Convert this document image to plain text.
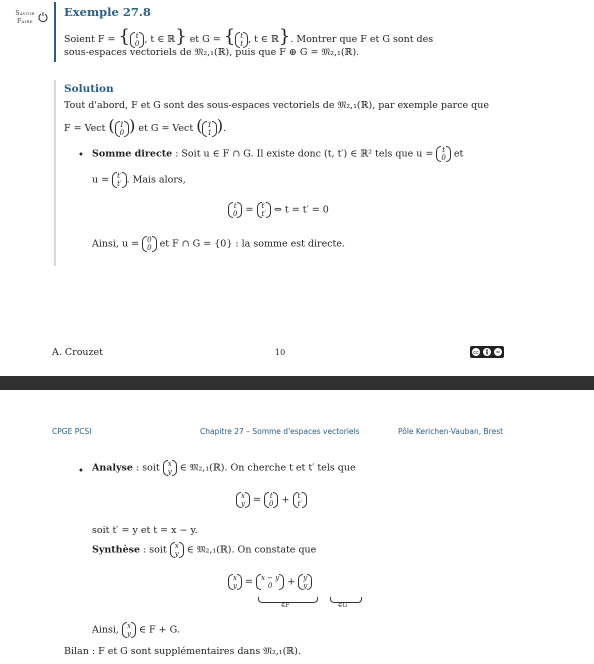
Savoir
Faire
Exemple 27.8
Soient F = { t
0 , t ∈ ℝ} et G = { t
t , t ∈ ℝ}. Montrer que F et G sont des
sous-espaces vectoriels de 𝔐₂,₁(ℝ), puis que F ⊕ G = 𝔐₂,₁(ℝ).
Solution
Tout d'abord, F et G sont des sous-espaces vectoriels de 𝔐₂,₁(ℝ), par exemple parce que
F = Vect ( 1
0 ) et G = Vect ( 1
1 ).
• Somme directe : Soit u ∈ F ∩ G. Il existe donc (t, t′) ∈ ℝ² tels que u = t
0 et
u = t′
t′ . Mais alors,
t
0 = t′
t′ ⇔ t = t′ = 0
Ainsi, u = 0
0 et F ∩ G = {0} : la somme est directe.
A. Crouzet	10	cc	=
CPGE PCSI	Chapitre 27 – Somme d'espaces vectoriels	Pôle Kerichen-Vauban, Brest
• Analyse : soit x
y ∈ 𝔐₂,₁(ℝ). On cherche t et t′ tels que
x
y = t
0 + t′
t′
soit t′ = y et t = x − y.
Synthèse : soit x
y ∈ 𝔐₂,₁(ℝ). On constate que
x
y = x − y
0	+ y
y
∈F	∈G
Ainsi, x
y ∈ F + G.
Bilan : F et G sont supplémentaires dans 𝔐₂,₁(ℝ).
